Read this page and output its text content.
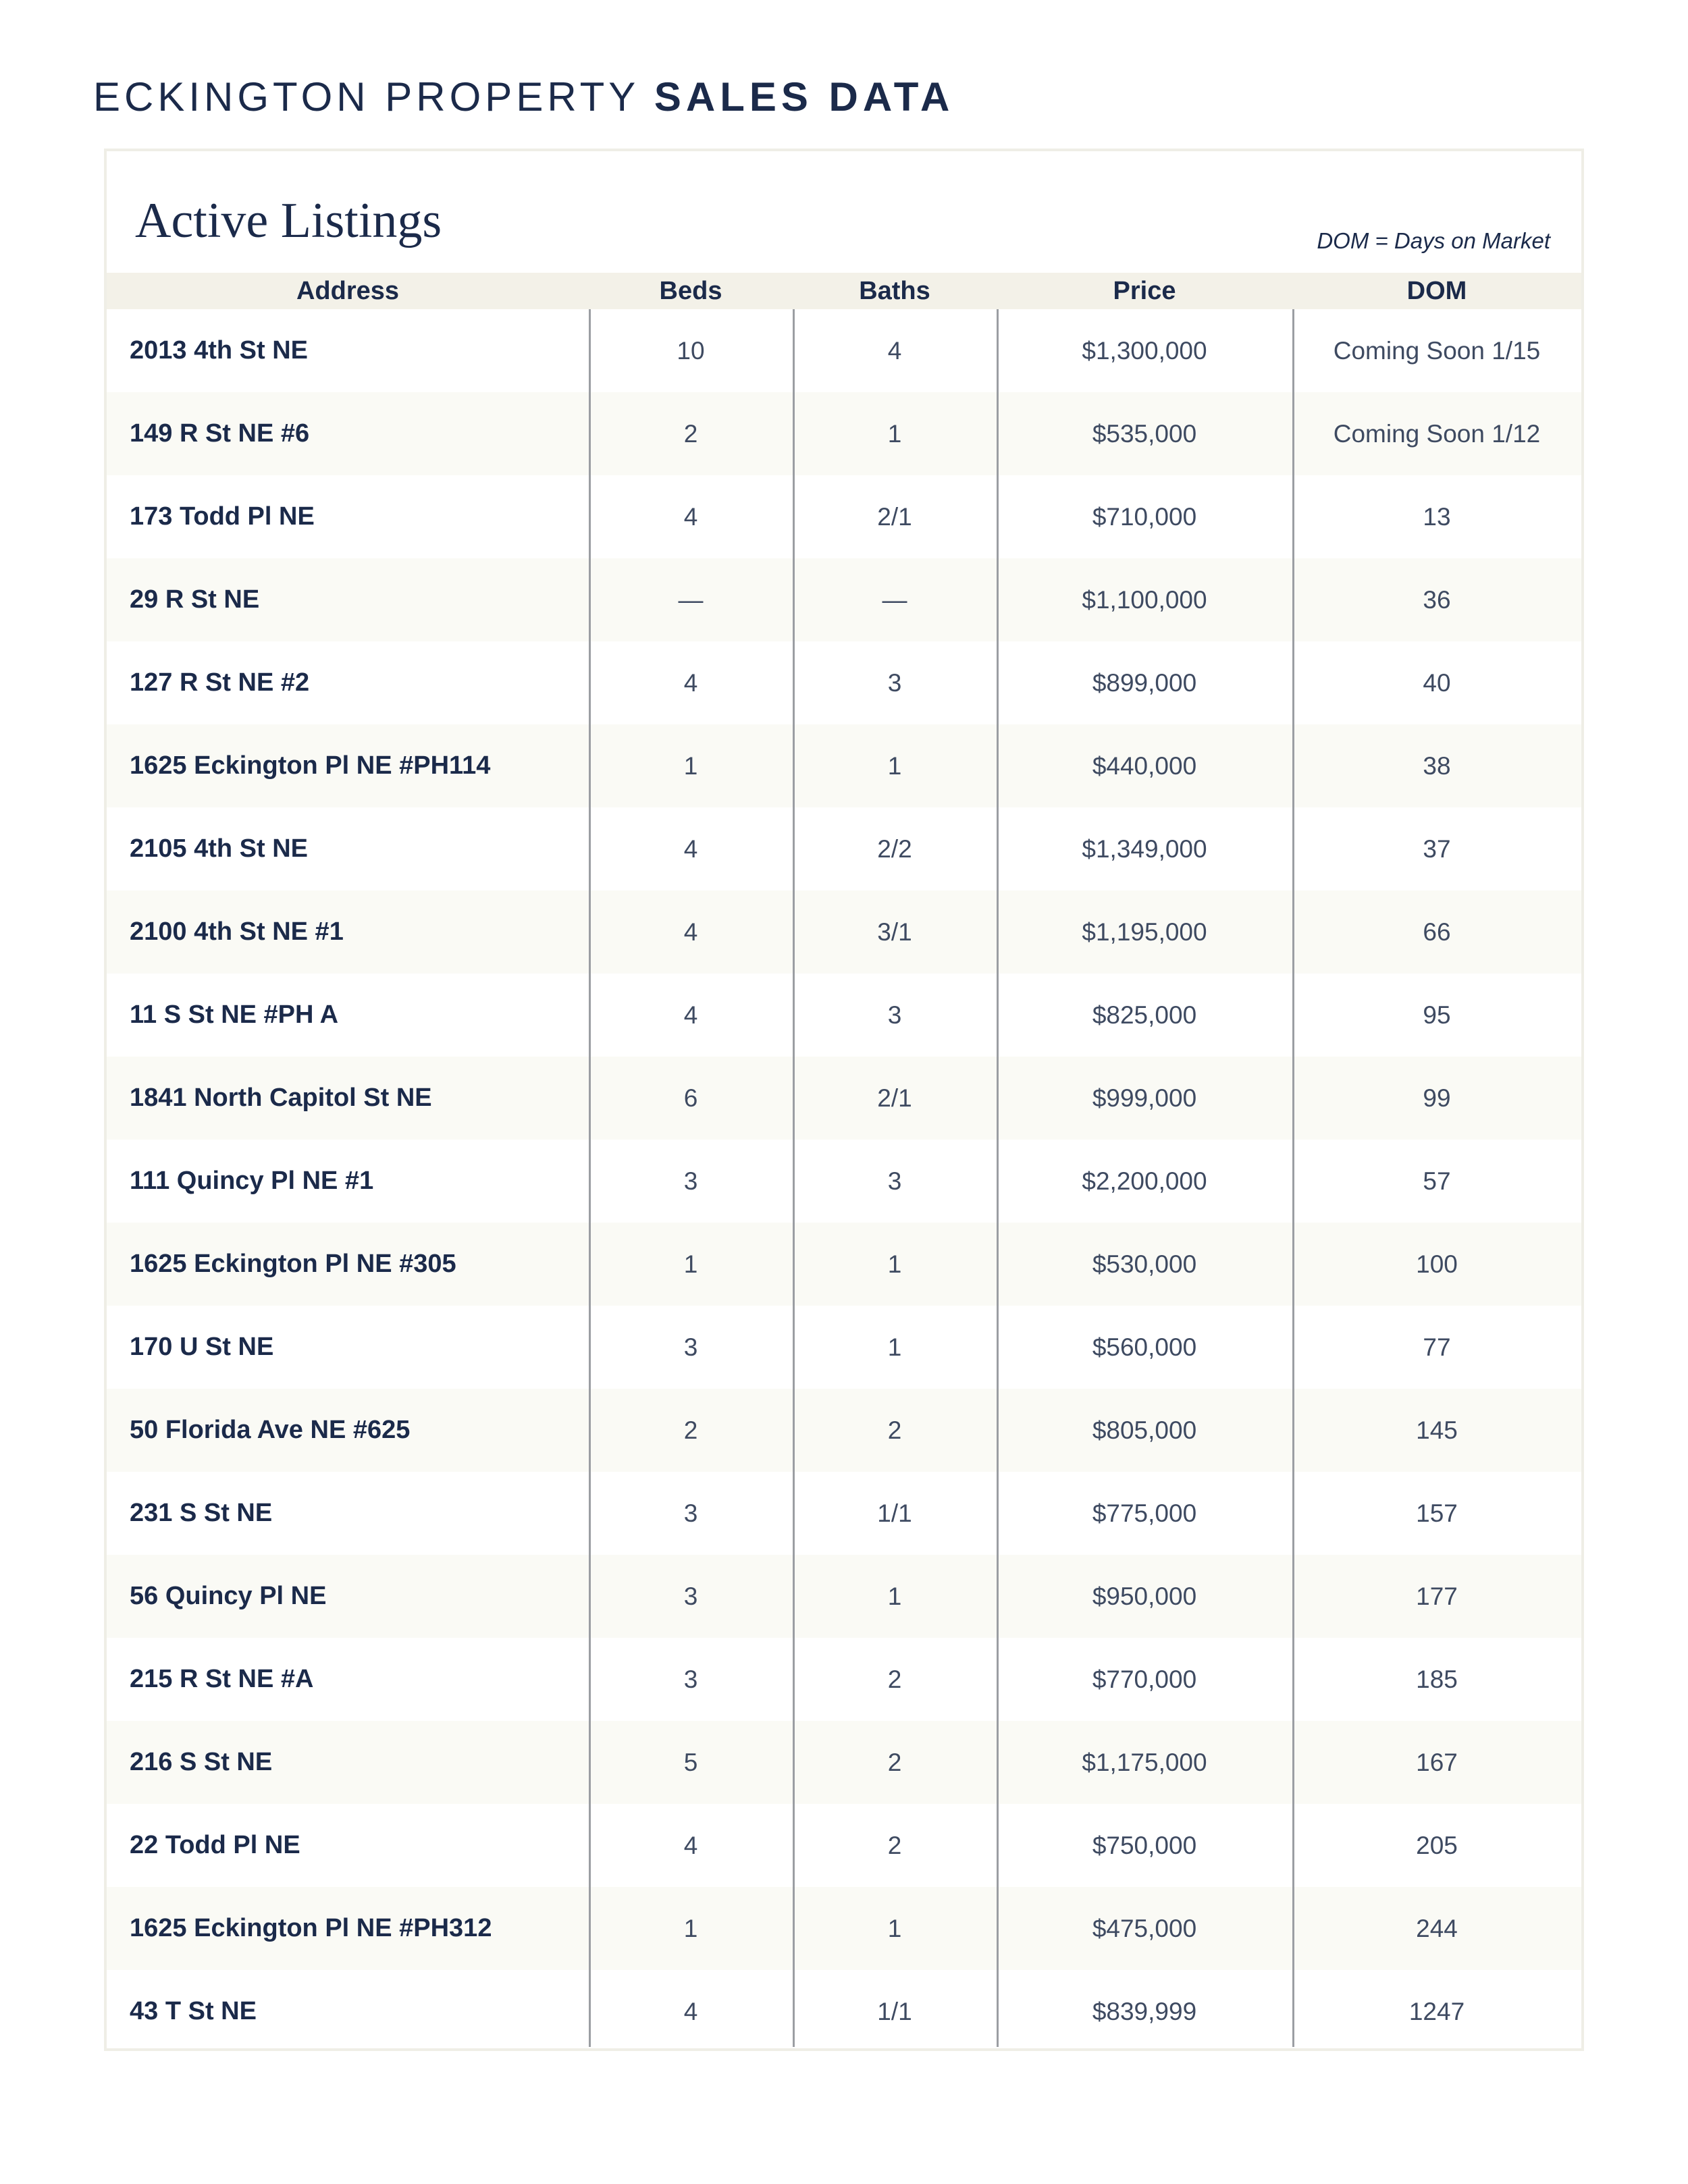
ECKINGTON PROPERTY SALES DATA
Active Listings	DOM = Days on Market
Address	Beds	Baths	Price	DOM
2013 4th St NE	10	4	$1,300,000	Coming Soon 1/15
149 R St NE #6	2	1	$535,000	Coming Soon 1/12
173 Todd Pl NE	4	2/1	$710,000	13
29 R St NE	—	—	$1,100,000	36
127 R St NE #2	4	3	$899,000	40
1625 Eckington Pl NE #PH114	1	1	$440,000	38
2105 4th St NE	4	2/2	$1,349,000	37
2100 4th St NE #1	4	3/1	$1,195,000	66
11 S St NE #PH A	4	3	$825,000	95
1841 North Capitol St NE	6	2/1	$999,000	99
111 Quincy Pl NE #1	3	3	$2,200,000	57
1625 Eckington Pl NE #305	1	1	$530,000	100
170 U St NE	3	1	$560,000	77
50 Florida Ave NE #625	2	2	$805,000	145
231 S St NE	3	1/1	$775,000	157
56 Quincy Pl NE	3	1	$950,000	177
215 R St NE #A	3	2	$770,000	185
216 S St NE	5	2	$1,175,000	167
22 Todd Pl NE	4	2	$750,000	205
1625 Eckington Pl NE #PH312	1	1	$475,000	244
43 T St NE	4	1/1	$839,999	1247
